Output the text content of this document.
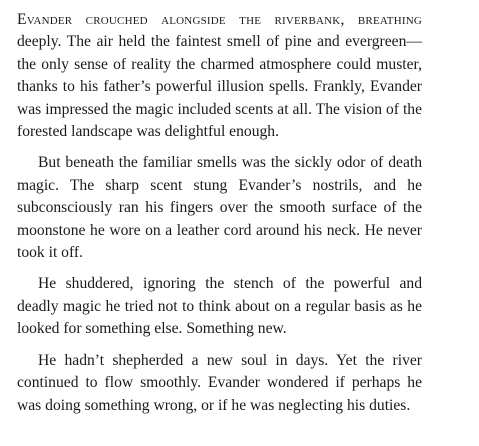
Evander crouched alongside the riverbank, breathing deeply. The air held the faintest smell of pine and evergreen—the only sense of reality the charmed atmosphere could muster, thanks to his father’s powerful illusion spells. Frankly, Evander was impressed the magic included scents at all. The vision of the forested landscape was delightful enough.

But beneath the familiar smells was the sickly odor of death magic. The sharp scent stung Evander’s nostrils, and he subconsciously ran his fingers over the smooth surface of the moonstone he wore on a leather cord around his neck. He never took it off.

He shuddered, ignoring the stench of the powerful and deadly magic he tried not to think about on a regular basis as he looked for something else. Something new.

He hadn’t shepherded a new soul in days. Yet the river continued to flow smoothly. Evander wondered if perhaps he was doing something wrong, or if he was neglecting his duties.
